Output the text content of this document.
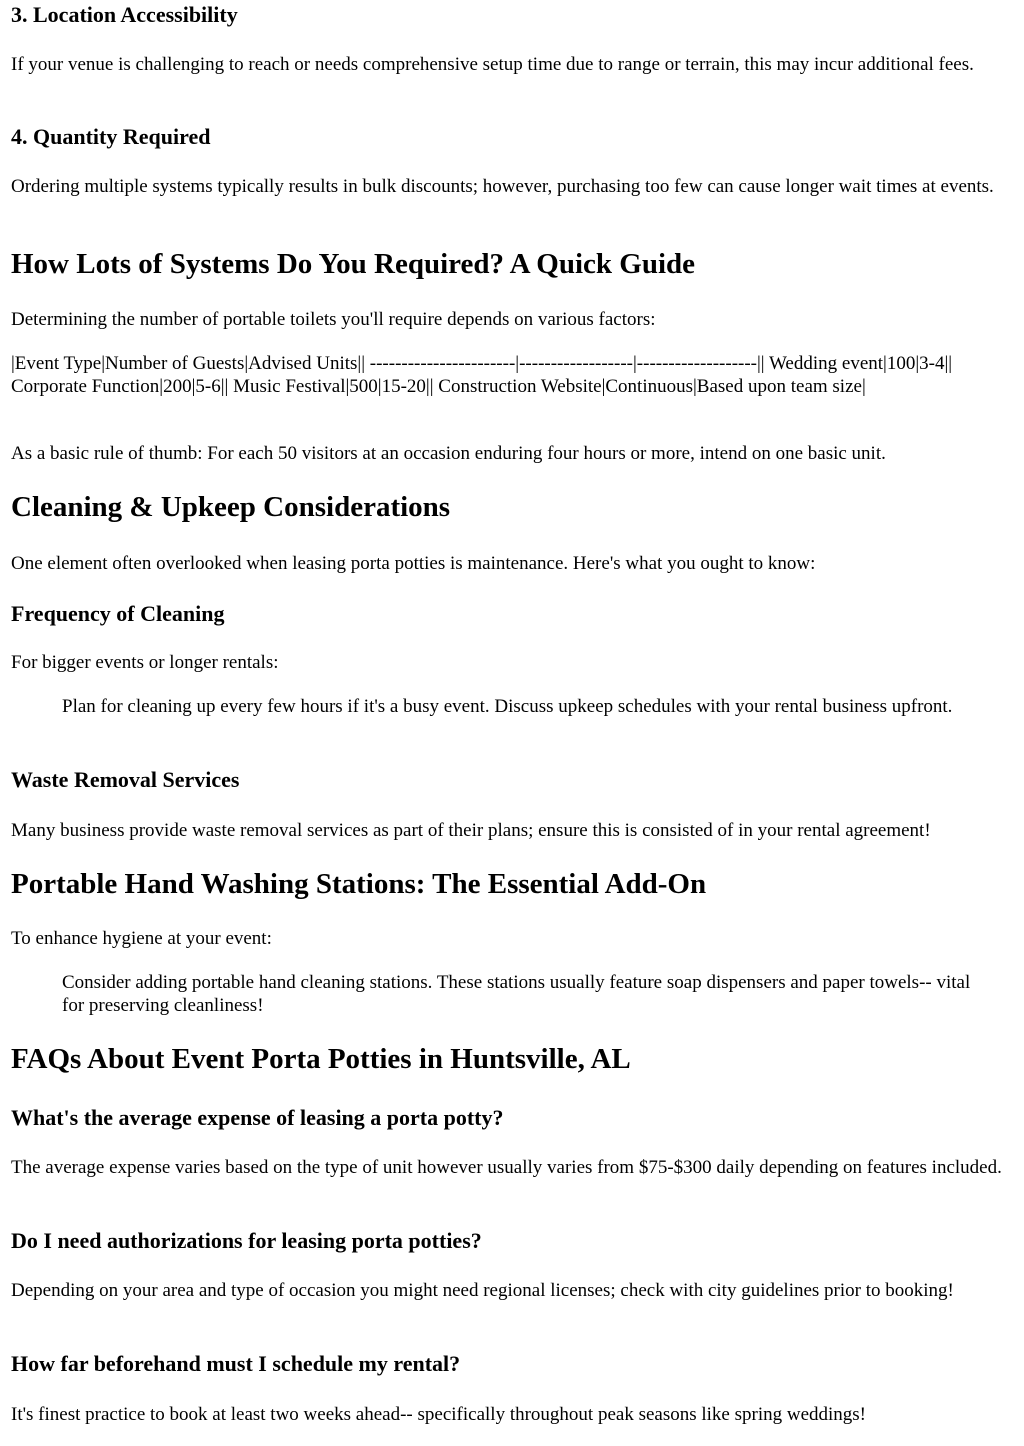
3. Location Accessibility

If your venue is challenging to reach or needs comprehensive setup time due to range or terrain, this may incur additional fees.

4. Quantity Required

Ordering multiple systems typically results in bulk discounts; however, purchasing too few can cause longer wait times at events.

How Lots of Systems Do You Required? A Quick Guide

Determining the number of portable toilets you'll require depends on various factors:

|Event Type|Number of Guests|Advised Units|| -----------------------|------------------|-------------------|| Wedding event|100|3-4|| Corporate Function|200|5-6|| Music Festival|500|15-20|| Construction Website|Continuous|Based upon team size|

As a basic rule of thumb: For each 50 visitors at an occasion enduring four hours or more, intend on one basic unit.

Cleaning & Upkeep Considerations

One element often overlooked when leasing porta potties is maintenance. Here's what you ought to know:

Frequency of Cleaning

For bigger events or longer rentals:

Plan for cleaning up every few hours if it's a busy event. Discuss upkeep schedules with your rental business upfront.

Waste Removal Services

Many business provide waste removal services as part of their plans; ensure this is consisted of in your rental agreement!

Portable Hand Washing Stations: The Essential Add-On

To enhance hygiene at your event:

Consider adding portable hand cleaning stations. These stations usually feature soap dispensers and paper towels-- vital for preserving cleanliness!

FAQs About Event Porta Potties in Huntsville, AL
What's the average expense of leasing a porta potty?

The average expense varies based on the type of unit however usually varies from $75-$300 daily depending on features included.

Do I need authorizations for leasing porta potties?

Depending on your area and type of occasion you might need regional licenses; check with city guidelines prior to booking!

How far beforehand must I schedule my rental?

It's finest practice to book at least two weeks ahead-- specifically throughout peak seasons like spring weddings!
